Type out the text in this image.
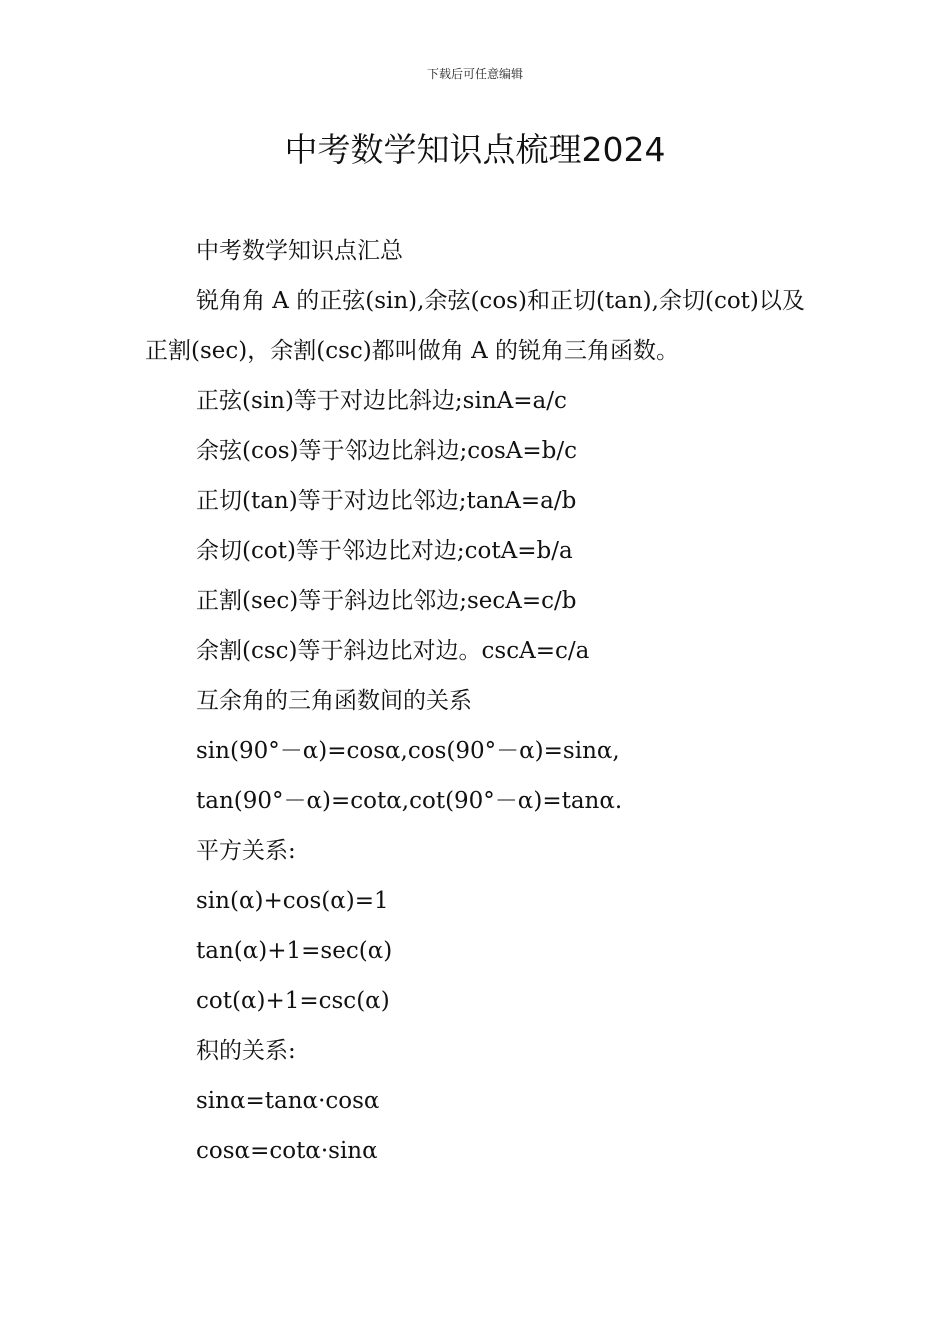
下载后可任意编辑
中考数学知识点梳理2024

中考数学知识点汇总

锐角角 A 的正弦(sin),余弦(cos)和正切(tan),余切(cot)以及正割(sec)，余割(csc)都叫做角 A 的锐角三角函数。

正弦(sin)等于对边比斜边;sinA=a/c

余弦(cos)等于邻边比斜边;cosA=b/c

正切(tan)等于对边比邻边;tanA=a/b

余切(cot)等于邻边比对边;cotA=b/a

正割(sec)等于斜边比邻边;secA=c/b

余割(csc)等于斜边比对边。cscA=c/a

互余角的三角函数间的关系

sin(90°－α)=cosα,cos(90°－α)=sinα,

tan(90°－α)=cotα,cot(90°－α)=tanα.

平方关系:

sin(α)+cos(α)=1

tan(α)+1=sec(α)

cot(α)+1=csc(α)

积的关系:

sinα=tanα·cosα

cosα=cotα·sinα
